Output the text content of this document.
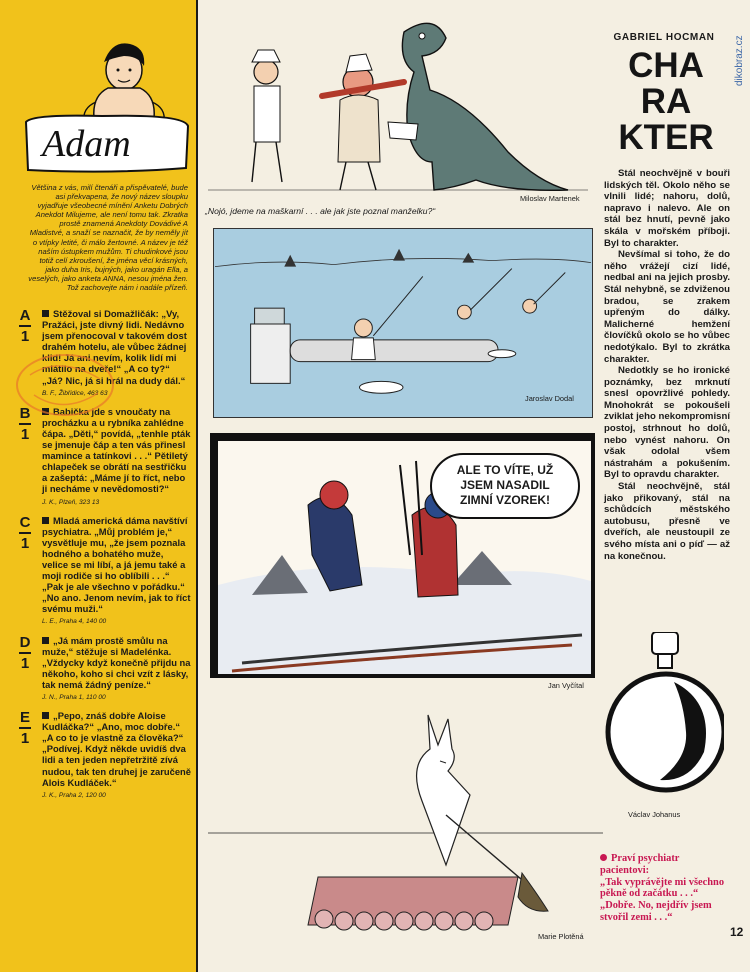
dikobraz.cz
Adam
Většina z vás, milí čtenáři a přispěvatelé, bude asi překvapena, že nový název sloupku vyjadřuje všeobecné mínění Anketu Dobrých Anekdot Milujeme, ale není tomu tak. Zkratka prostě znamená Anekdoty Dovádivé A Mladistvé, a snaží se naznačit, že by neměly jít o vtípky letité, či málo žertovné. A název je též naším ústupkem mužům. Ti chudinkové jsou totiž celí zkroušení, že jména věcí krásných, jako duha Iris, bujných, jako uragán Ella, a veselých, jako anketa ANNA, nesou jména žen. Tož zachovejte nám i nadále přízeň.
A
1
Stěžoval si Domažličák: „Vy, Pražáci, jste divný lidi. Nedávno jsem přenocoval v takovém dost drahém hotelu, ale vůbec žádnej klid! Já ani nevím, kolik lidí mi mlátilo na dveře!“ „A co ty?“ „Já? Nic, já si hrál na dudy dál.“
B. F., Žibřidice, 463 63
B
1
Babička jde s vnoučaty na procházku a u rybníka zahlédne čápa. „Děti,“ povídá, „tenhle pták se jmenuje čáp a ten vás přinesl mamince a tatínkovi . . .“ Pětiletý chlapeček se obrátí na sestřičku a zašeptá: „Máme jí to říct, nebo ji necháme v nevědomosti?“
J. K., Plzeň, 323 13
C
1
Mladá americká dáma navštíví psychiatra. „Můj problém je,“ vysvětluje mu, „že jsem poznala hodného a bohatého muže, velice se mi líbí, a já jemu také a moji rodiče si ho oblíbili . . .“ „Pak je ale všechno v pořádku.“ „No ano. Jenom nevím, jak to říct svému muži.“
L. E., Praha 4, 140 00
D
1
„Já mám prostě smůlu na muže,“ stěžuje si Madelénka. „Vždycky když konečně přijdu na někoho, koho si chci vzít z lásky, tak nemá žádný peníze.“
J. N., Praha 1, 110 00
E
1
„Pepo, znáš dobře Aloise Kudláčka?“ „Ano, moc dobře.“ „A co to je vlastně za člověka?“ „Podívej. Když někde uvidíš dva lidi a ten jeden nepřetržitě zívá nudou, tak ten druhej je zaručeně Alois Kudláček.“
J. K., Praha 2, 120 00
„Nojó, jdeme na maškarní . . . ale jak jste poznal manželku?“
Miloslav Martenek
Jaroslav Dodal
ALE TO VÍTE, UŽ
JSEM NASADIL
ZIMNÍ VZOREK!
Jan Vyčítal
Marie Plotěná
GABRIEL HOCMAN
CHA
RA
KTER

Stál neochvějně v bouři lidských těl. Okolo něho se vlnili lidé; nahoru, dolů, napravo i nalevo. Ale on stál bez hnutí, pevně jako skála v mořském příboji. Byl to charakter.

Nevšímal si toho, že do něho vrážejí cizí lidé, nedbal ani na jejich prosby. Stál nehybně, se zdviženou bradou, se zrakem upřeným do dálky. Malicherné hemžení človíčků okolo se ho vůbec nedotýkalo. Byl to zkrátka charakter.

Nedotkly se ho ironické poznámky, bez mrknutí snesl opovržlivé pohledy. Mnohokrát se pokoušeli zviklat jeho nekompromisní postoj, strhnout ho dolů, nebo vynést nahoru. On však odolal všem nástrahám a pokušením. Byl to opravdu charakter.

Stál neochvějně, stál jako přikovaný, stál na schůdcích městského autobusu, přesně ve dveřích, ale neustoupil ze svého místa ani o píď — až na konečnou.

Václav Johanus
Praví psychiatr pacientovi:
„Tak vyprávějte mi všechno pěkně od začátku . . .“
„Dobře. No, nejdřív jsem stvořil zemi . . .“
12
